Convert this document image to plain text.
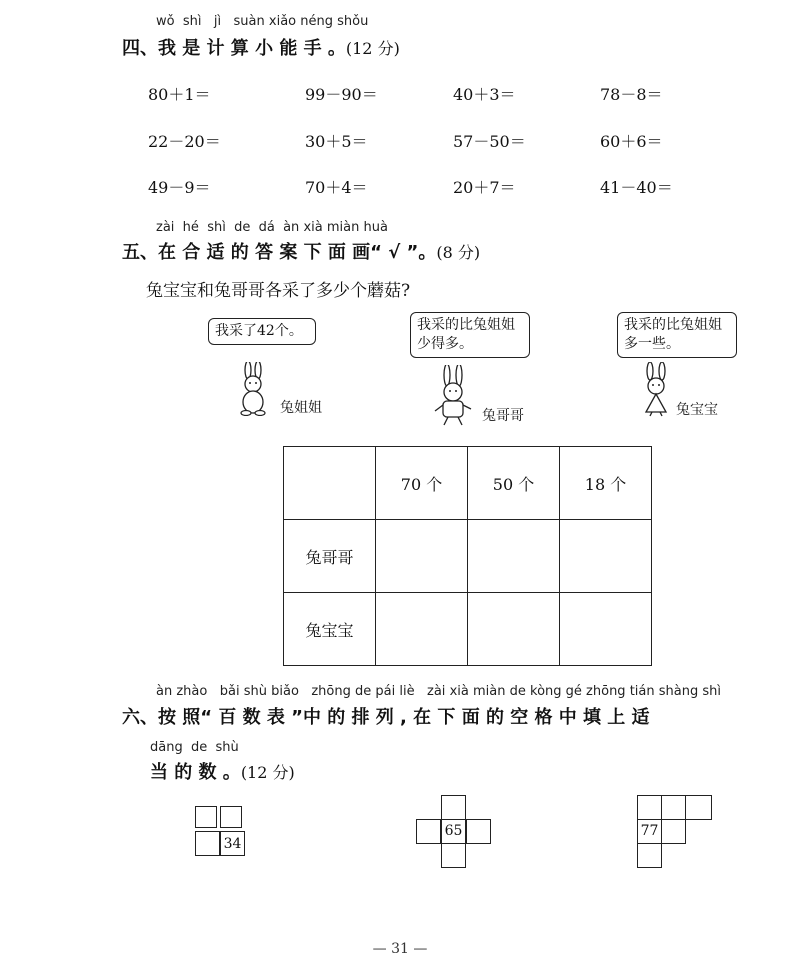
wǒ shì jì suàn xiǎo néng shǒu
四、我 是 计 算 小 能 手 。(12 分)
80＋1＝	99－90＝	40＋3＝	78－8＝
22－20＝	30＋5＝	57－50＝	60＋6＝
49－9＝	70＋4＝	20＋7＝	41－40＝
zài hé shì de dá àn xià miàn huà
五、在 合 适 的 答 案 下 面 画“ √ ”。(8 分)
兔宝宝和兔哥哥各采了多少个蘑菇?
我采了42个。
兔姐姐
我采的比兔姐姐少得多。
兔哥哥
我采的比兔姐姐多一些。
兔宝宝
	70 个	50 个	18 个
兔哥哥			
兔宝宝			
àn zhào bǎi shù biǎo zhōng de pái liè zài xià miàn de kòng gé zhōng tián shàng shì
六、按 照“ 百 数 表 ”中 的 排 列 , 在 下 面 的 空 格 中 填 上 适
dāng de shù
当 的 数 。(12 分)
34
65	77
— 31 —
